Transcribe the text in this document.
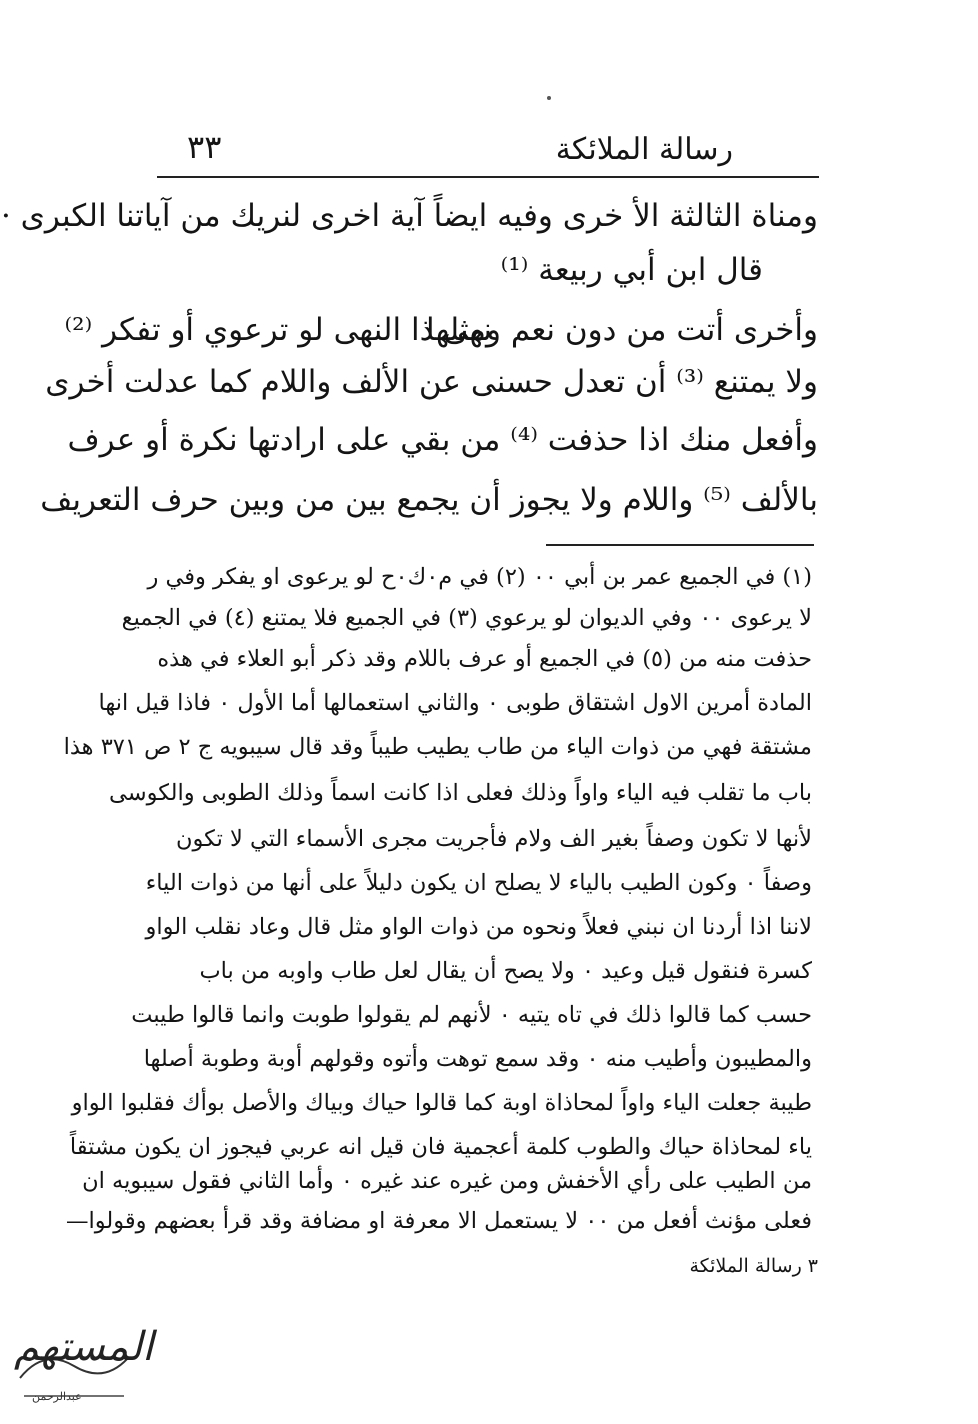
٣٣	رسالة الملائكة
ومناة الثالثة الأ خرى وفيه ايضاً آية اخرى لنريك من آياتنا الكبرى ·
قال ابن أبي ربيعة ⁽¹⁾
وأخرى أتت من دون نعم ومثلها
نهى ذا النهى لو ترعوي أو تفكر ⁽²⁾
ولا يمتنع ⁽³⁾ أن تعدل حسنى عن الألف واللام كما عدلت أخرى
وأفعل منك اذا حذفت ⁽⁴⁾ من بقي على ارادتها نكرة أو عرف
بالألف ⁽⁵⁾ واللام ولا يجوز أن يجمع بين من وبين حرف التعريف
(١) في الجميع عمر بن أبي ٠٠ (٢) في م٠ك٠ح لو يرعوى او يفكر وفي ر
لا يرعوى ٠٠ وفي الديوان لو يرعوي (٣) في الجميع فلا يمتنع (٤) في الجميع
حذفت منه من (٥) في الجميع أو عرف باللام وقد ذكر أبو العلاء في هذه
المادة أمرين الاول اشتقاق طوبى ٠ والثاني استعمالها أما الأول ٠ فاذا قيل انها
مشتقة فهي من ذوات الياء من طاب يطيب طيباً وقد قال سيبويه ج ٢ ص ٣٧١ هذا
باب ما تقلب فيه الياء واواً وذلك فعلى اذا كانت اسماً وذلك الطوبى والكوسى
لأنها لا تكون وصفاً بغير الف ولام فأجريت مجرى الأسماء التي لا تكون
وصفاً ٠ وكون الطيب بالياء لا يصلح ان يكون دليلاً على أنها من ذوات الياء
لاننا اذا أردنا ان نبني فعلاً ونحوه من ذوات الواو مثل قال وعاد نقلب الواو
كسرة فنقول قيل وعيد ٠ ولا يصح أن يقال لعل طاب واوبه من باب
حسب كما قالوا ذلك في تاه يتيه ٠ لأنهم لم يقولوا طوبت وانما قالوا طيبت
والمطيبون وأطيب منه ٠ وقد سمع توهت وأتوه وقولهم أوبة وطوبة أصلها
طيبة جعلت الياء واواً لمحاذاة اوبة كما قالوا حياك وبياك والأصل بوأك فقلبوا الواو
ياء لمحاذاة حياك والطوب كلمة أعجمية فان قيل انه عربي فيجوز ان يكون مشتقاً
من الطيب على رأي الأخفش ومن غيره عند غيره ٠ وأما الثاني فقول سيبويه ان
فعلى مؤنث أفعل من ٠٠ لا يستعمل الا معرفة او مضافة وقد قرأ بعضهم وقولوا—
٣ رسالة الملائكة
المستهم
عبدالرحمن
